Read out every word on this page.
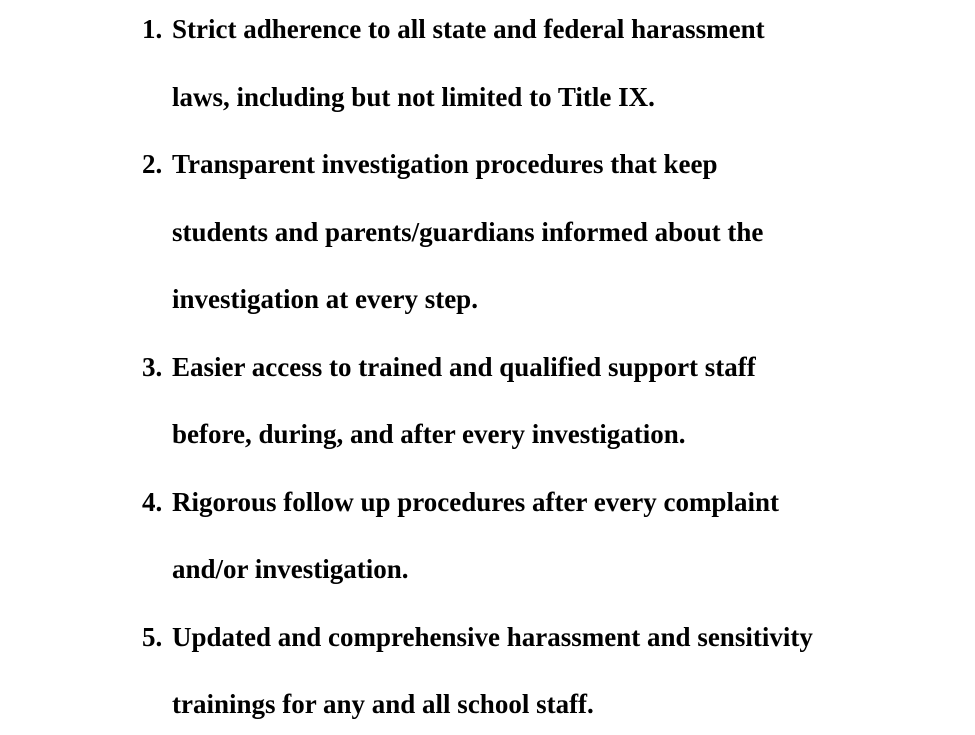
1. Strict adherence to all state and federal harassment
laws, including but not limited to Title IX.
2. Transparent investigation procedures that keep
students and parents/guardians informed about the
investigation at every step.
3. Easier access to trained and qualified support staff
before, during, and after every investigation.
4. Rigorous follow up procedures after every complaint
and/or investigation.
5. Updated and comprehensive harassment and sensitivity
trainings for any and all school staff.
